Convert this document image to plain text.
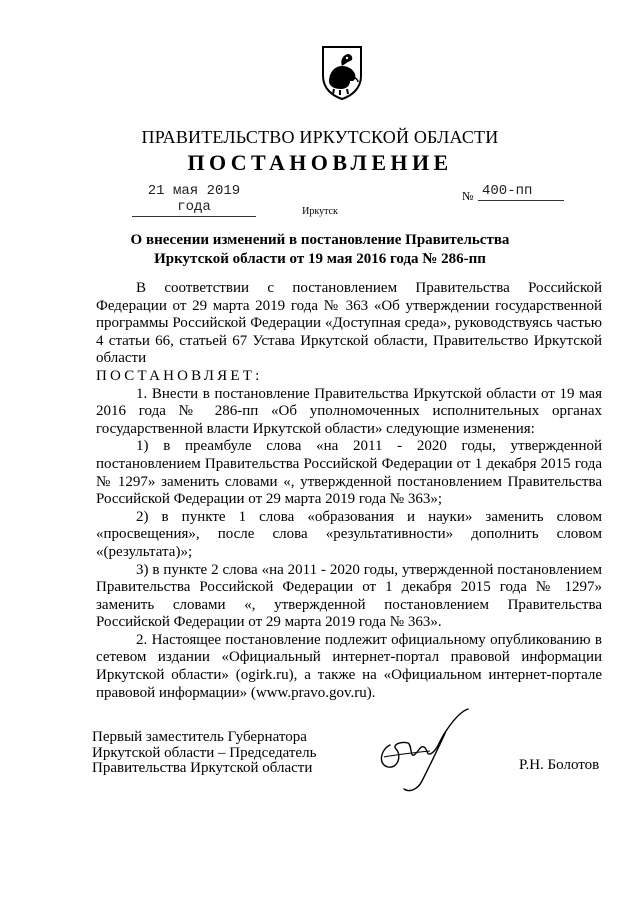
ПРАВИТЕЛЬСТВО ИРКУТСКОЙ ОБЛАСТИ
ПОСТАНОВЛЕНИЕ
21 мая 2019 года
№ 400-пп
Иркутск
О внесении изменений в постановление Правительства
Иркутской области от 19 мая 2016 года № 286-пп

В соответствии с постановлением Правительства Российской Федерации от 29 марта 2019 года № 363 «Об утверждении государственной программы Российской Федерации «Доступная среда», руководствуясь частью 4 статьи 66, статьей 67 Устава Иркутской области, Правительство Иркутской области

ПОСТАНОВЛЯЕТ:

1. Внести в постановление Правительства Иркутской области от 19 мая 2016 года № 286-пп «Об уполномоченных исполнительных органах государственной власти Иркутской области» следующие изменения:

1) в преамбуле слова «на 2011 - 2020 годы, утвержденной постановлением Правительства Российской Федерации от 1 декабря 2015 года № 1297» заменить словами «, утвержденной постановлением Правительства Российской Федерации от 29 марта 2019 года № 363»;

2) в пункте 1 слова «образования и науки» заменить словом «просвещения», после слова «результативности» дополнить словом «(результата)»;

3) в пункте 2 слова «на 2011 - 2020 годы, утвержденной постановлением Правительства Российской Федерации от 1 декабря 2015 года № 1297» заменить словами «, утвержденной постановлением Правительства Российской Федерации от 29 марта 2019 года № 363».

2. Настоящее постановление подлежит официальному опубликованию в сетевом издании «Официальный интернет-портал правовой информации Иркутской области» (ogirk.ru), а также на «Официальном интернет-портале правовой информации» (www.pravo.gov.ru).

Первый заместитель Губернатора
Иркутской области – Председатель
Правительства Иркутской области	Р.Н. Болотов
